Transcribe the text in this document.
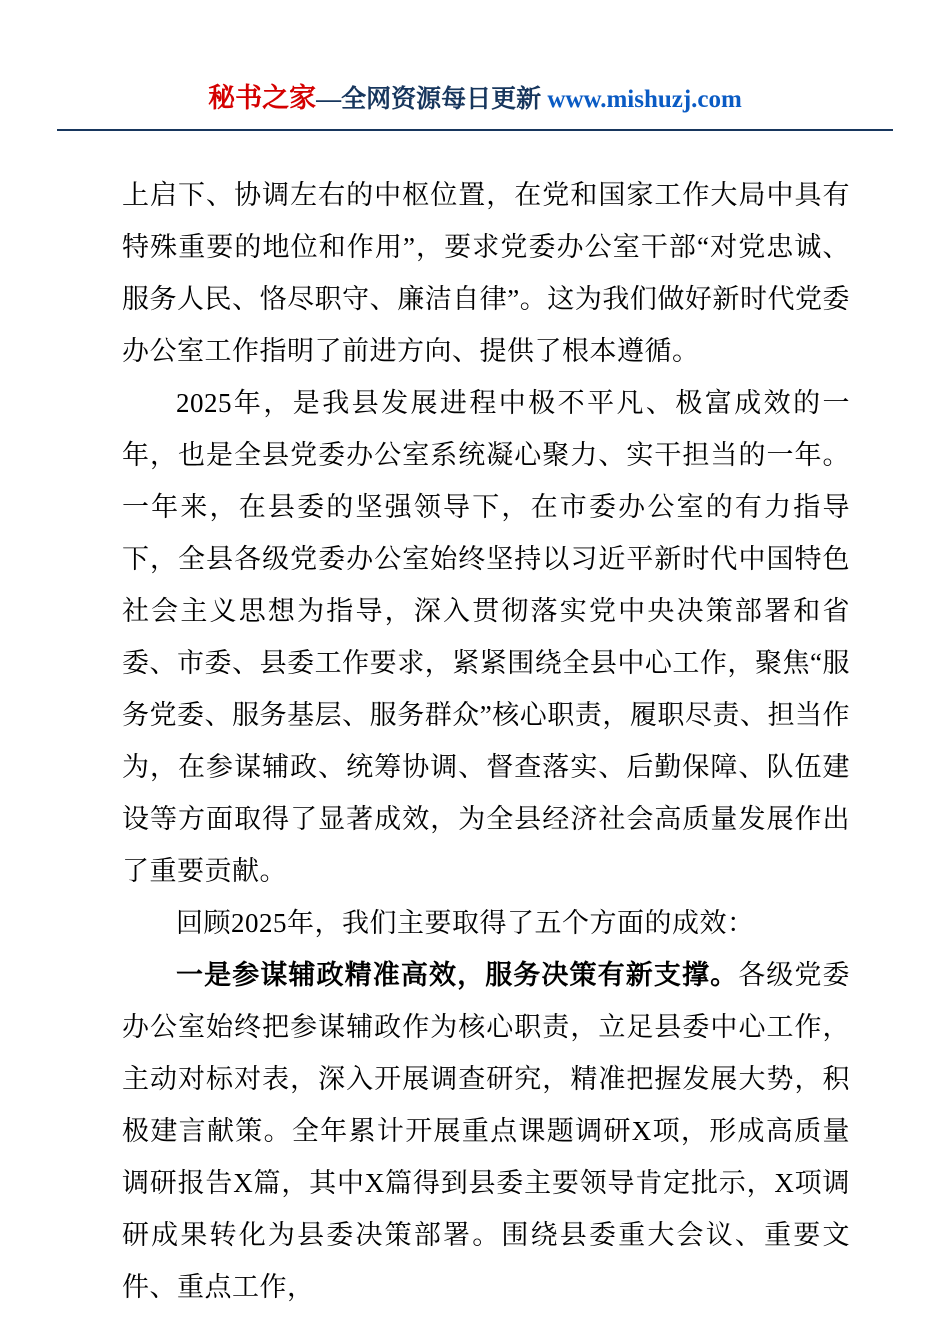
秘书之家—全网资源每日更新 www.mishuzj.com

上启下、协调左右的中枢位置，在党和国家工作大局中具有特殊重要的地位和作用”，要求党委办公室干部“对党忠诚、服务人民、恪尽职守、廉洁自律”。这为我们做好新时代党委办公室工作指明了前进方向、提供了根本遵循。

2025年，是我县发展进程中极不平凡、极富成效的一年，也是全县党委办公室系统凝心聚力、实干担当的一年。一年来，在县委的坚强领导下，在市委办公室的有力指导下，全县各级党委办公室始终坚持以习近平新时代中国特色社会主义思想为指导，深入贯彻落实党中央决策部署和省委、市委、县委工作要求，紧紧围绕全县中心工作，聚焦“服务党委、服务基层、服务群众”核心职责，履职尽责、担当作为，在参谋辅政、统筹协调、督查落实、后勤保障、队伍建设等方面取得了显著成效，为全县经济社会高质量发展作出了重要贡献。

回顾2025年，我们主要取得了五个方面的成效：

一是参谋辅政精准高效，服务决策有新支撑。各级党委办公室始终把参谋辅政作为核心职责，立足县委中心工作，主动对标对表，深入开展调查研究，精准把握发展大势，积极建言献策。全年累计开展重点课题调研X项，形成高质量调研报告X篇，其中X篇得到县委主要领导肯定批示，X项调研成果转化为县委决策部署。围绕县委重大会议、重要文件、重点工作，
